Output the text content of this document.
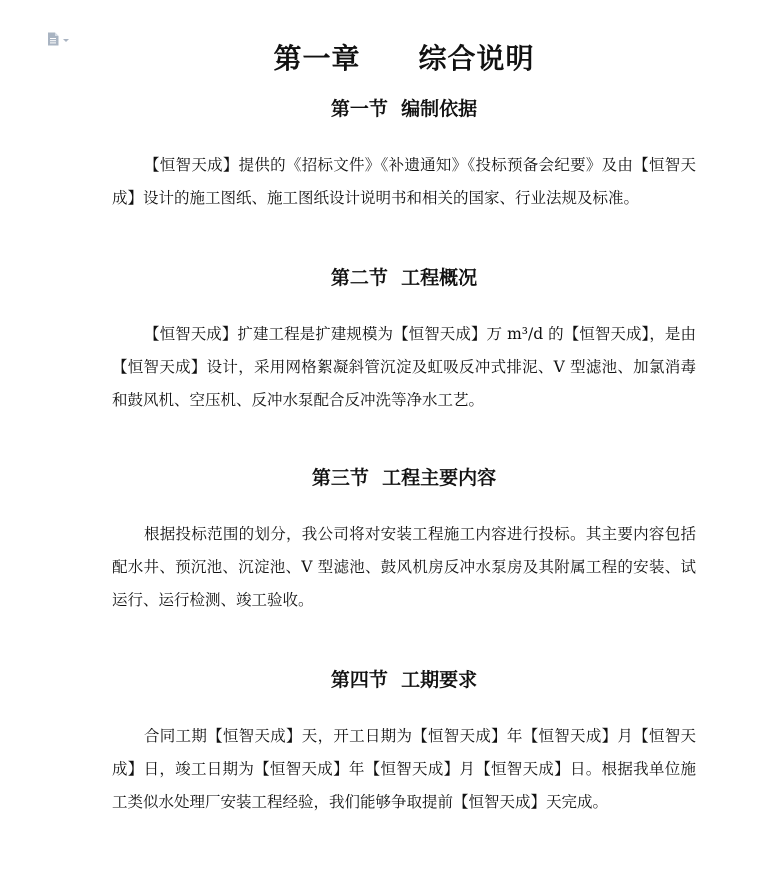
第一章　　综合说明
第一节  编制依据

【恒智天成】提供的《招标文件》《补遗通知》《投标预备会纪要》及由【恒智天成】设计的施工图纸、施工图纸设计说明书和相关的国家、行业法规及标准。

第二节  工程概况

【恒智天成】扩建工程是扩建规模为【恒智天成】万 m³/d 的【恒智天成】，是由【恒智天成】设计，采用网格絮凝斜管沉淀及虹吸反冲式排泥、V 型滤池、加氯消毒和鼓风机、空压机、反冲水泵配合反冲洗等净水工艺。

第三节  工程主要内容

根据投标范围的划分，我公司将对安装工程施工内容进行投标。其主要内容包括配水井、预沉池、沉淀池、V 型滤池、鼓风机房反冲水泵房及其附属工程的安装、试运行、运行检测、竣工验收。

第四节  工期要求

合同工期【恒智天成】天，开工日期为【恒智天成】年【恒智天成】月【恒智天成】日，竣工日期为【恒智天成】年【恒智天成】月【恒智天成】日。根据我单位施工类似水处理厂安装工程经验，我们能够争取提前【恒智天成】天完成。
